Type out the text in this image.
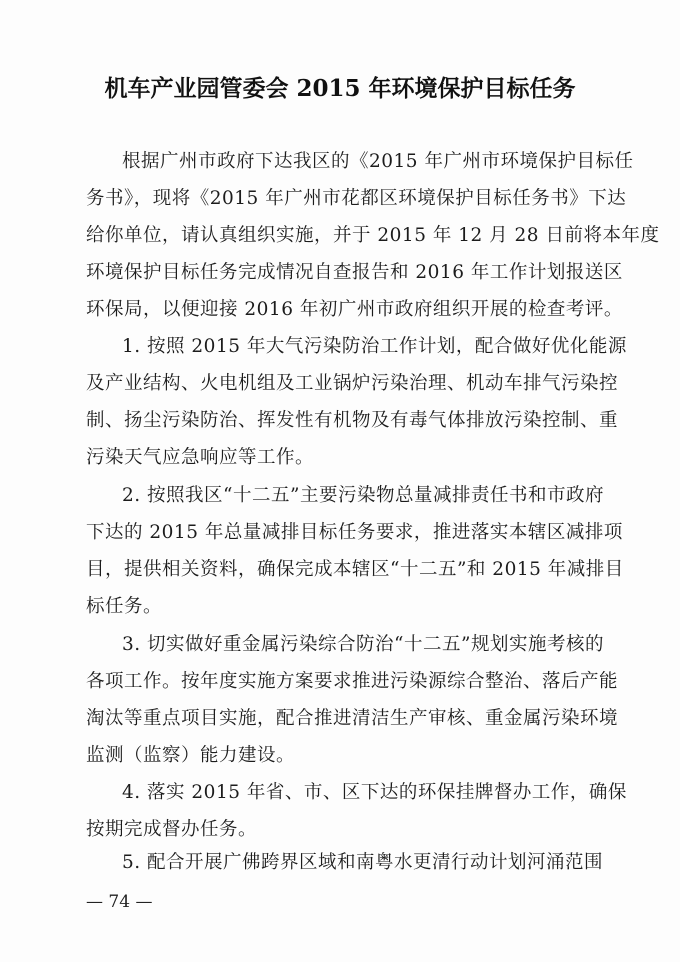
机车产业园管委会 2015 年环境保护目标任务
根据广州市政府下达我区的《2015 年广州市环境保护目标任
务书》，现将《2015 年广州市花都区环境保护目标任务书》下达
给你单位，请认真组织实施，并于 2015 年 12 月 28 日前将本年度
环境保护目标任务完成情况自查报告和 2016 年工作计划报送区
环保局，以便迎接 2016 年初广州市政府组织开展的检查考评。
1. 按照 2015 年大气污染防治工作计划，配合做好优化能源
及产业结构、火电机组及工业锅炉污染治理、机动车排气污染控
制、扬尘污染防治、挥发性有机物及有毒气体排放污染控制、重
污染天气应急响应等工作。
2. 按照我区“十二五”主要污染物总量减排责任书和市政府
下达的 2015 年总量减排目标任务要求，推进落实本辖区减排项
目，提供相关资料，确保完成本辖区“十二五”和 2015 年减排目
标任务。
3. 切实做好重金属污染综合防治“十二五”规划实施考核的
各项工作。按年度实施方案要求推进污染源综合整治、落后产能
淘汰等重点项目实施，配合推进清洁生产审核、重金属污染环境
监测（监察）能力建设。
4. 落实 2015 年省、市、区下达的环保挂牌督办工作，确保
按期完成督办任务。
5. 配合开展广佛跨界区域和南粤水更清行动计划河涌范围
— 74 —
